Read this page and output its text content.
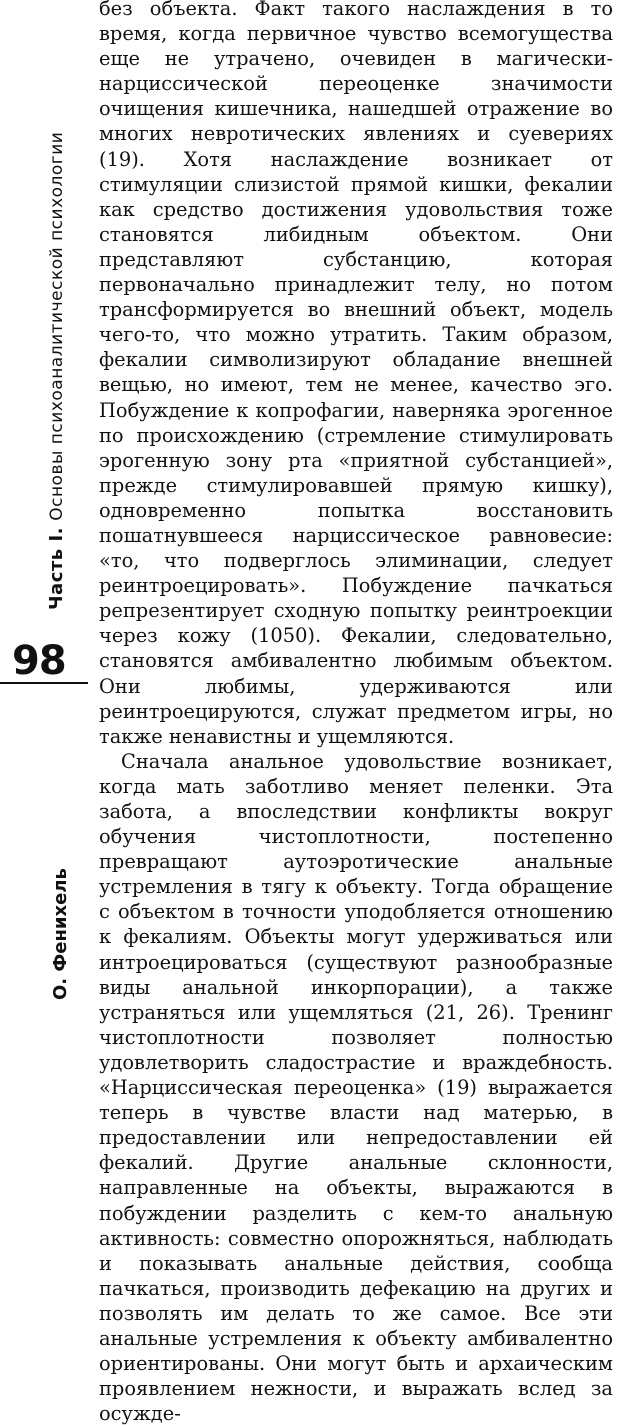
Часть I. Основы психоаналитической психологии
98
О. Фенихель

без объекта. Факт такого наслаждения в то время, когда первичное чувство всемогущества еще не утрачено, очевиден в магически-нарциссической переоценке значимости очищения кишечника, нашедшей отражение во многих невротических явлениях и суевериях (19). Хотя наслаждение возникает от стимуляции слизистой прямой кишки, фекалии как средство достижения удовольствия тоже становятся либидным объектом. Они представляют субстанцию, которая первоначально принадлежит телу, но потом трансформируется во внешний объект, модель чего-то, что можно утратить. Таким образом, фекалии символизируют обладание внешней вещью, но имеют, тем не менее, качество эго. Побуждение к копрофагии, наверняка эрогенное по происхождению (стремление стимулировать эрогенную зону рта «приятной субстанцией», прежде стимулировавшей прямую кишку), одновременно попытка восстановить пошатнувшееся нарциссическое равновесие: «то, что подверглось элиминации, следует реинтроецировать». Побуждение пачкаться репрезентирует сходную попытку реинтроекции через кожу (1050). Фекалии, следовательно, становятся амбивалентно любимым объектом. Они любимы, удерживаются или реинтроецируются, служат предметом игры, но также ненавистны и ущемляются.

Сначала анальное удовольствие возникает, когда мать заботливо меняет пеленки. Эта забота, а впоследствии конфликты вокруг обучения чистоплотности, постепенно превращают аутоэротические анальные устремления в тягу к объекту. Тогда обращение с объектом в точности уподобляется отношению к фекалиям. Объекты могут удерживаться или интроецироваться (существуют разнообразные виды анальной инкорпорации), а также устраняться или ущемляться (21, 26). Тренинг чистоплотности позволяет полностью удовлетворить сладострастие и враждебность. «Нарциссическая переоценка» (19) выражается теперь в чувстве власти над матерью, в предоставлении или непредоставлении ей фекалий. Другие анальные склонности, направленные на объекты, выражаются в побуждении разделить с кем-то анальную активность: совместно опорожняться, наблюдать и показывать анальные действия, сообща пачкаться, производить дефекацию на других и позволять им делать то же самое. Все эти анальные устремления к объекту амбивалентно ориентированы. Они могут быть и архаическим проявлением нежности, и выражать вслед за осужде-
